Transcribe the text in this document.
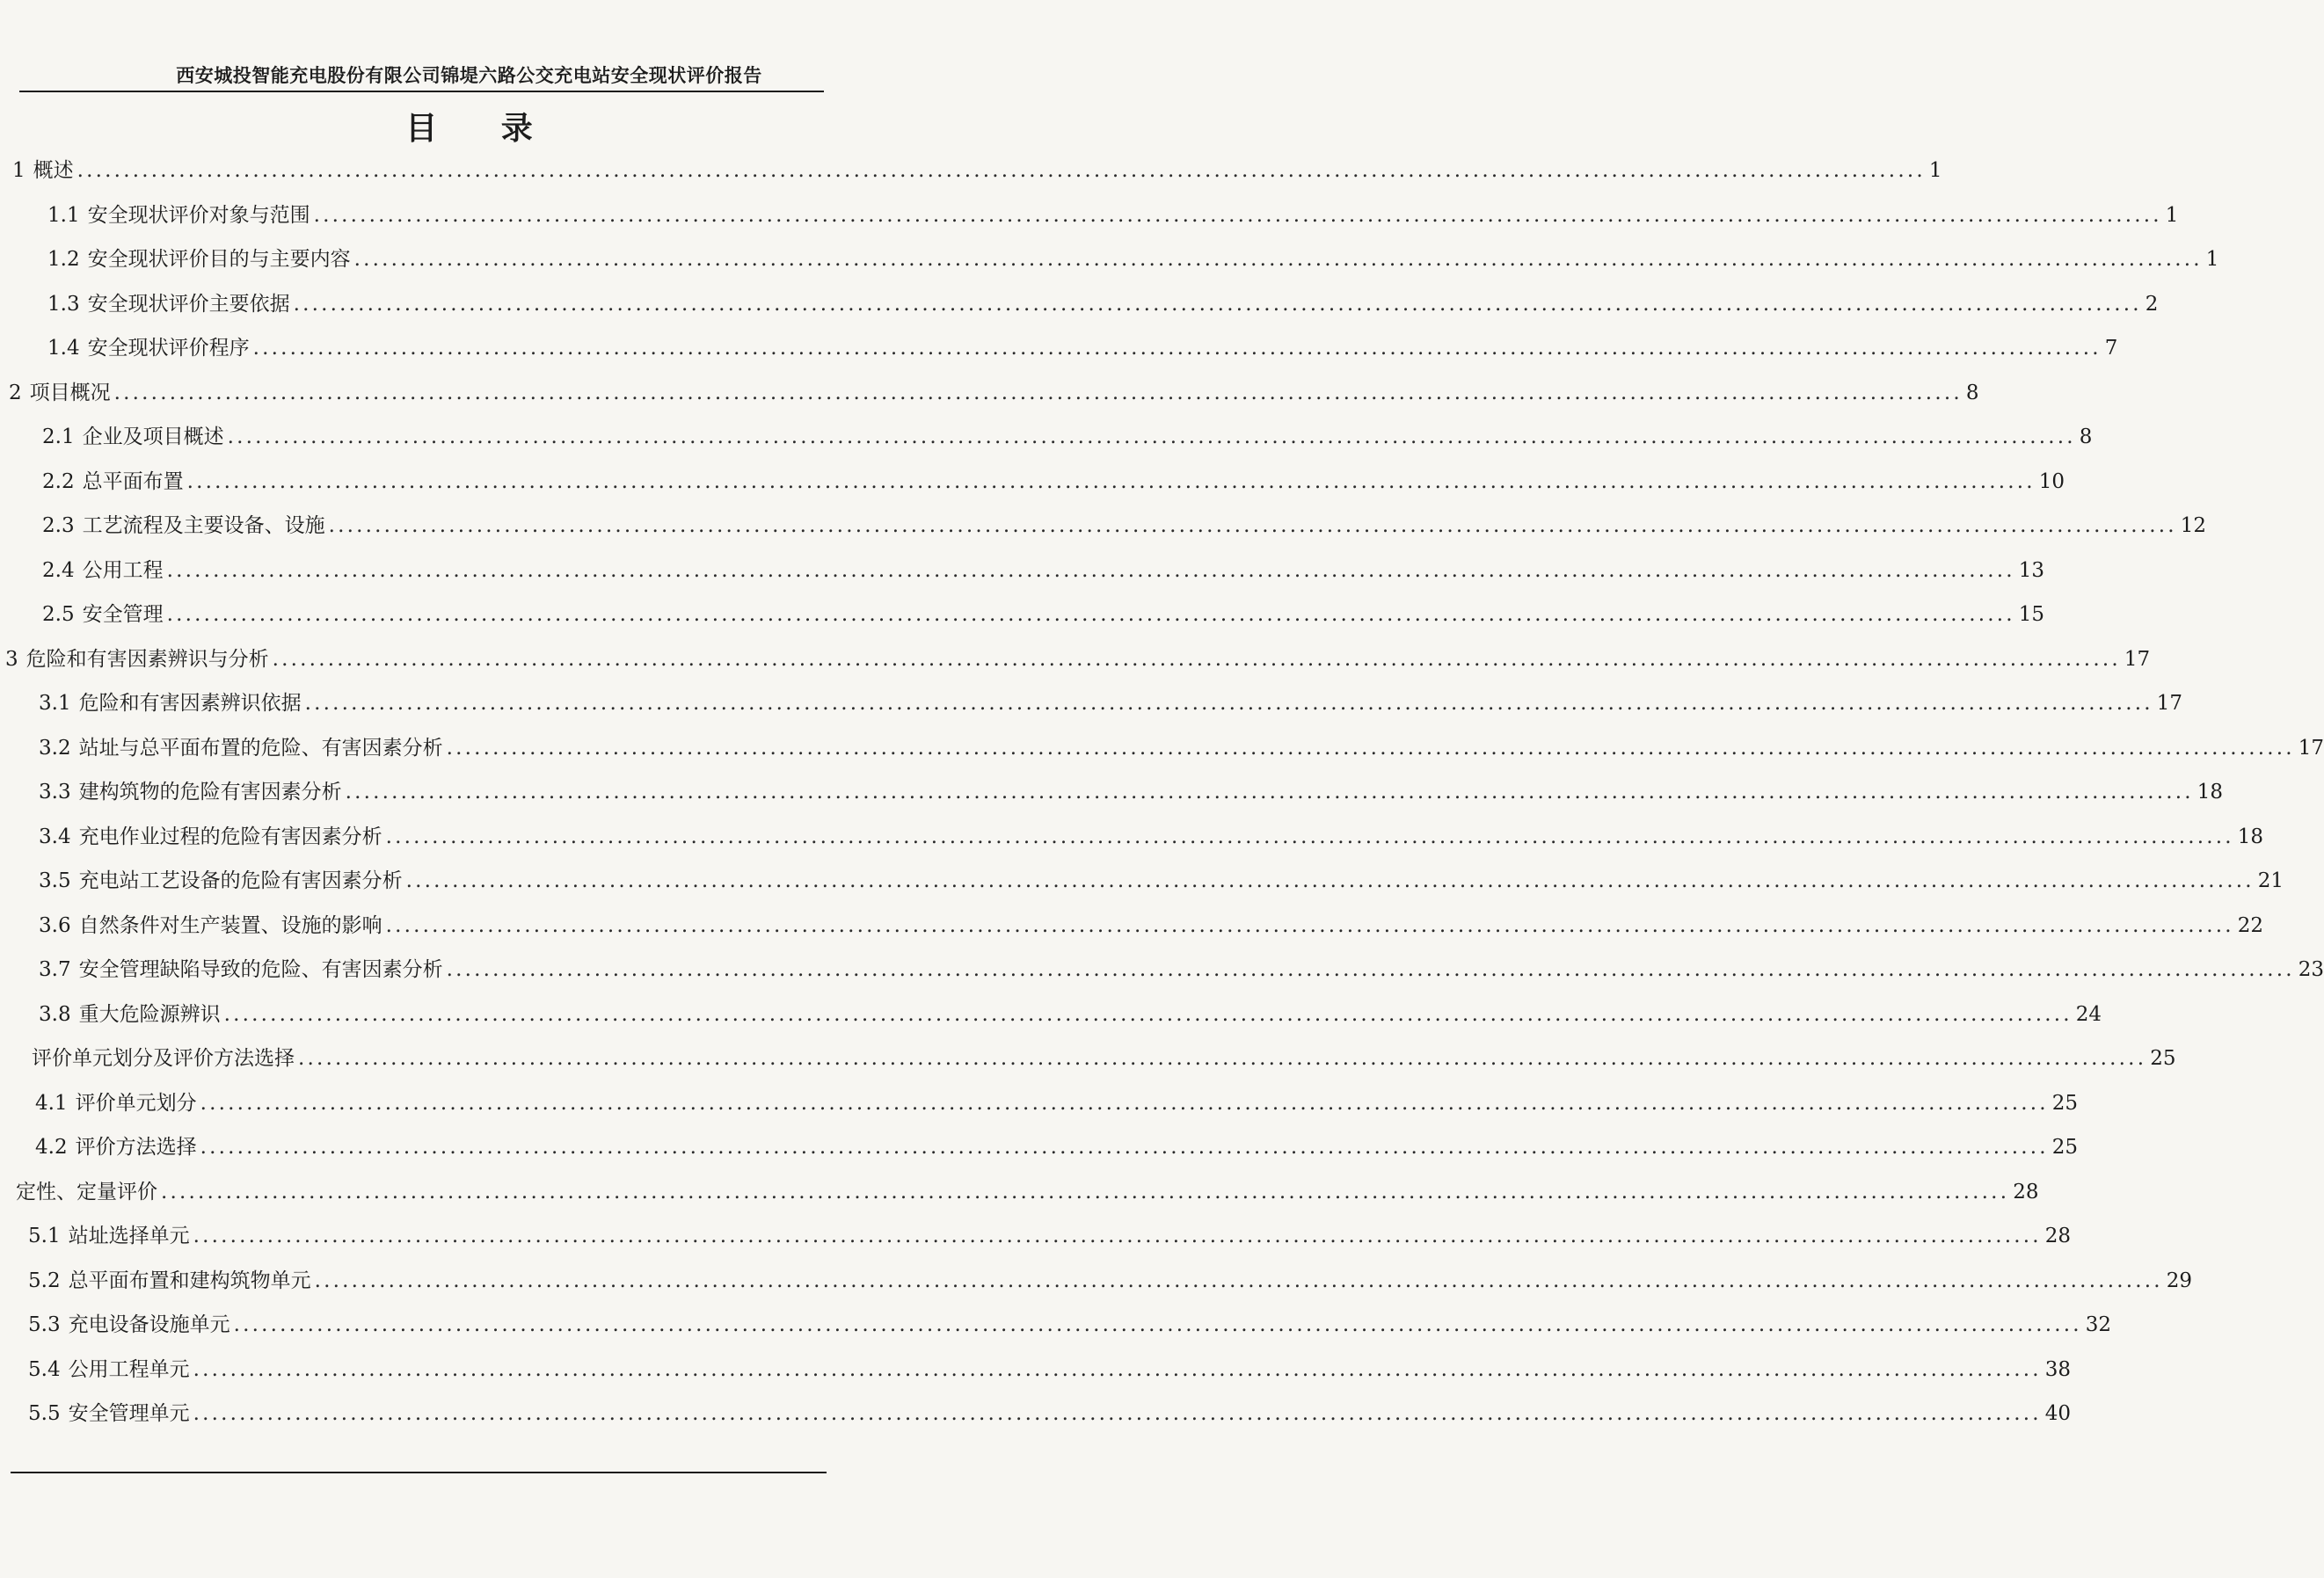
西安城投智能充电股份有限公司锦堤六路公交充电站安全现状评价报告
目 录
1 概述 ........................................................................................................................................................................................................ 1
1.1 安全现状评价对象与范围 ........................................................................................................................................................................................................ 1
1.2 安全现状评价目的与主要内容 ........................................................................................................................................................................................................ 1
1.3 安全现状评价主要依据 ........................................................................................................................................................................................................ 2
1.4 安全现状评价程序 ........................................................................................................................................................................................................ 7
2 项目概况 ........................................................................................................................................................................................................ 8
2.1 企业及项目概述 ........................................................................................................................................................................................................ 8
2.2 总平面布置 ........................................................................................................................................................................................................ 10
2.3 工艺流程及主要设备、设施 ........................................................................................................................................................................................................ 12
2.4 公用工程 ........................................................................................................................................................................................................ 13
2.5 安全管理 ........................................................................................................................................................................................................ 15
3 危险和有害因素辨识与分析 ........................................................................................................................................................................................................ 17
3.1 危险和有害因素辨识依据 ........................................................................................................................................................................................................ 17
3.2 站址与总平面布置的危险、有害因素分析 ........................................................................................................................................................................................................ 17
3.3 建构筑物的危险有害因素分析 ........................................................................................................................................................................................................ 18
3.4 充电作业过程的危险有害因素分析 ........................................................................................................................................................................................................ 18
3.5 充电站工艺设备的危险有害因素分析 ........................................................................................................................................................................................................ 21
3.6 自然条件对生产装置、设施的影响 ........................................................................................................................................................................................................ 22
3.7 安全管理缺陷导致的危险、有害因素分析 ........................................................................................................................................................................................................ 23
3.8 重大危险源辨识 ........................................................................................................................................................................................................ 24
评价单元划分及评价方法选择 ........................................................................................................................................................................................................ 25
4.1 评价单元划分 ........................................................................................................................................................................................................ 25
4.2 评价方法选择 ........................................................................................................................................................................................................ 25
定性、定量评价 ........................................................................................................................................................................................................ 28
5.1 站址选择单元 ........................................................................................................................................................................................................ 28
5.2 总平面布置和建构筑物单元 ........................................................................................................................................................................................................ 29
5.3 充电设备设施单元 ........................................................................................................................................................................................................ 32
5.4 公用工程单元 ........................................................................................................................................................................................................ 38
5.5 安全管理单元 ........................................................................................................................................................................................................ 40
